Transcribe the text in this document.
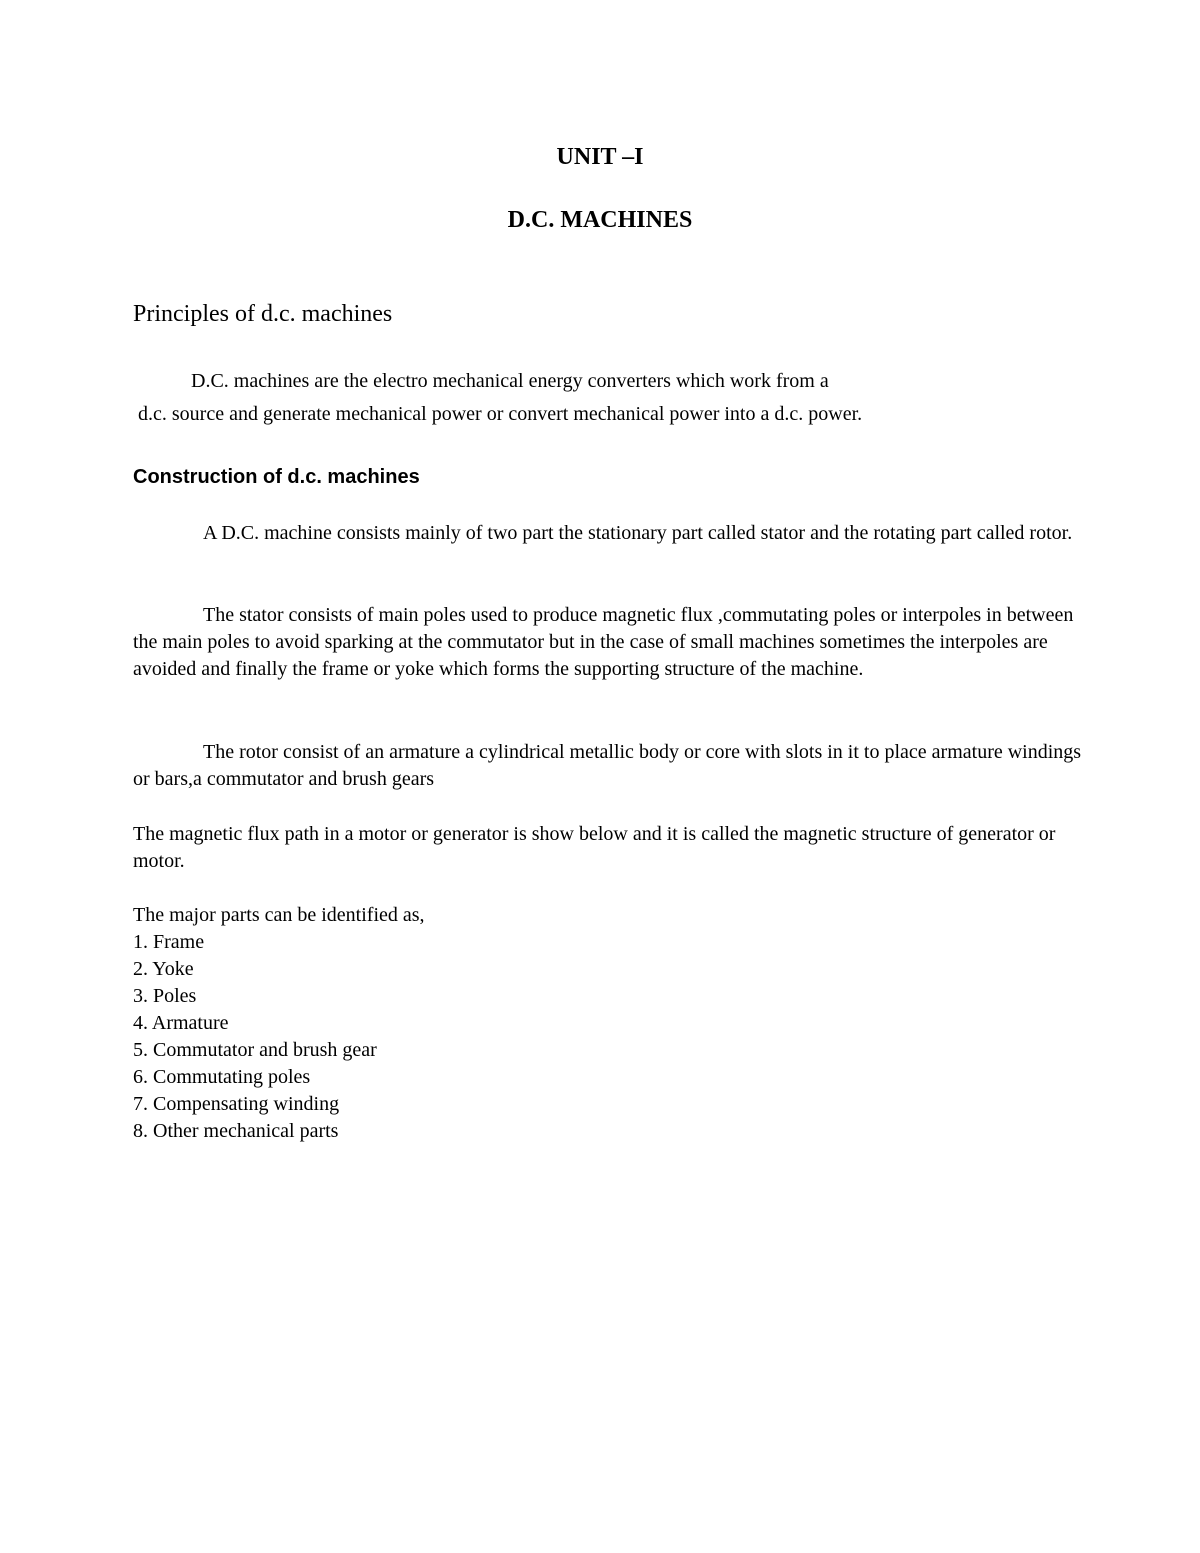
UNIT –I
D.C. MACHINES
Principles of d.c. machines
D.C. machines are the electro mechanical energy converters which work from a
d.c. source and generate mechanical power or convert mechanical power into a d.c. power.
Construction of d.c. machines
A D.C. machine consists mainly of two part the stationary part called stator and the rotating part called rotor.
The stator consists of main poles used to produce magnetic flux ,commutating poles or interpoles in between the main poles to avoid sparking at the commutator but in the case of small machines sometimes the interpoles are avoided and finally the frame or yoke which forms the supporting structure of the machine.
The rotor consist of an armature a cylindrical metallic body or core with slots in it to place armature windings or bars,a commutator and brush gears
The magnetic flux path in a motor or generator is show below and it is called the magnetic structure of generator or motor.
The major parts can be identified as,
1. Frame
2. Yoke
3. Poles
4. Armature
5. Commutator and brush gear
6. Commutating poles
7. Compensating winding
8. Other mechanical parts
